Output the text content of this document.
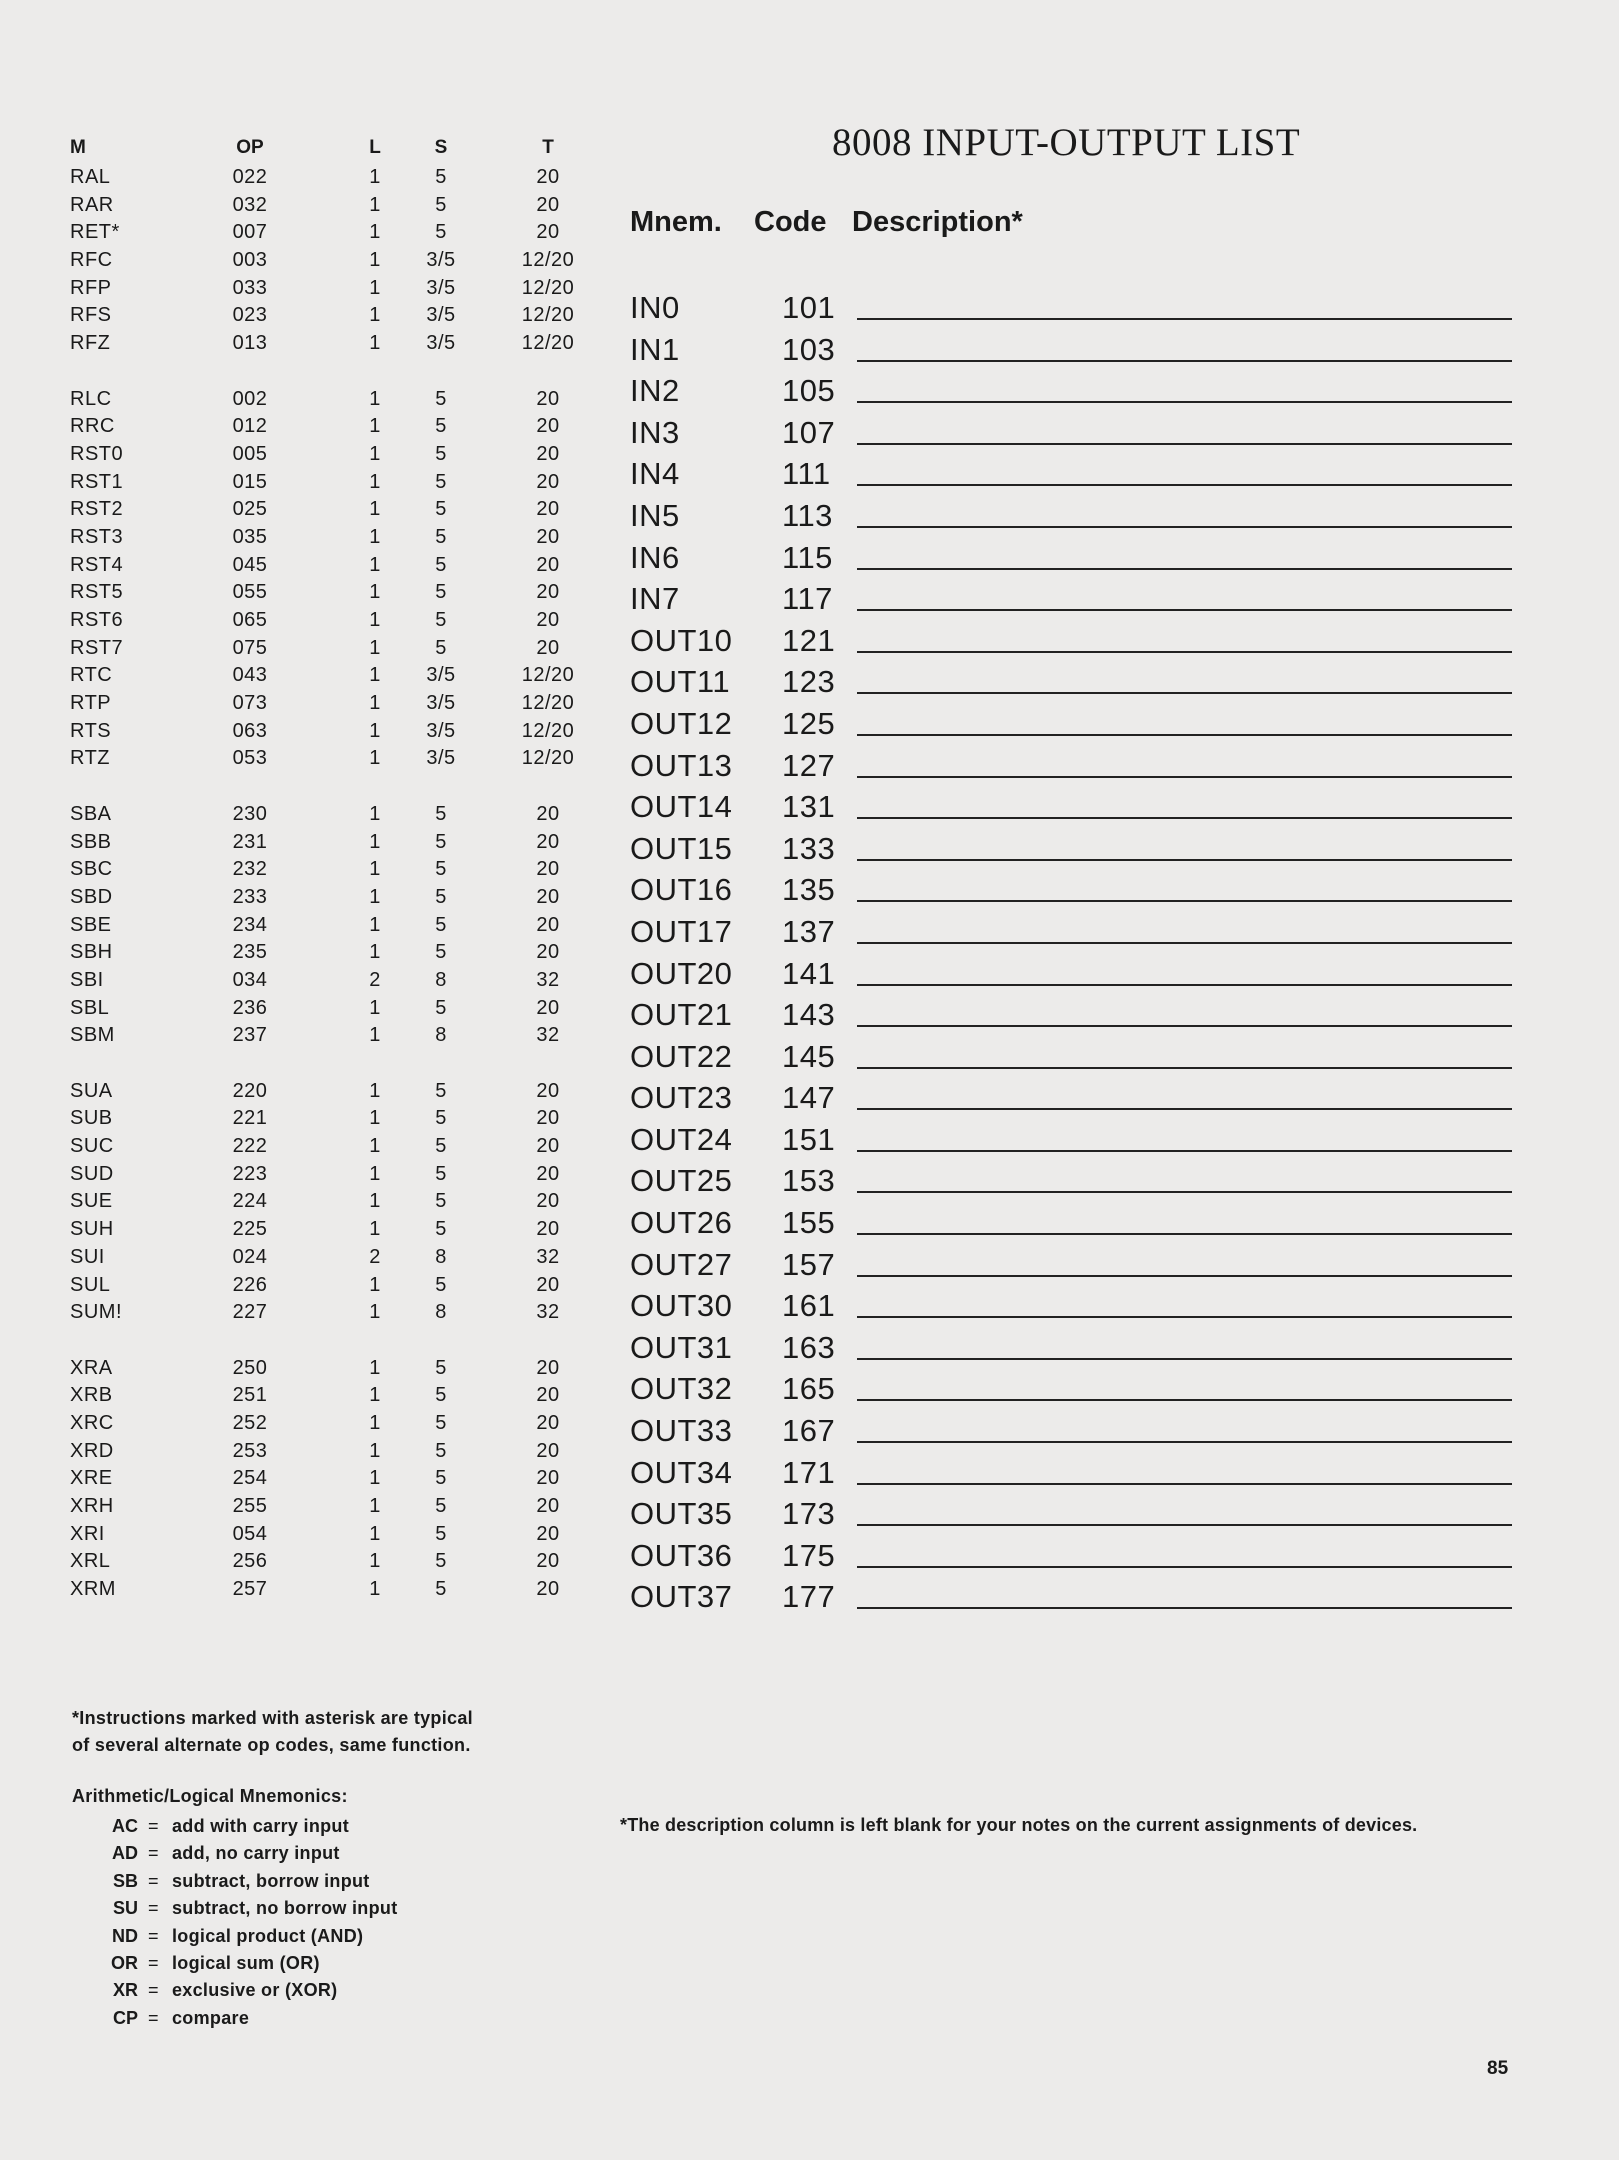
M	OP	L	S	T
RAL	022	1	5	20
RAR	032	1	5	20
RET*	007	1	5	20
RFC	003	1	3/5	12/20
RFP	033	1	3/5	12/20
RFS	023	1	3/5	12/20
RFZ	013	1	3/5	12/20
RLC	002	1	5	20
RRC	012	1	5	20
RST0	005	1	5	20
RST1	015	1	5	20
RST2	025	1	5	20
RST3	035	1	5	20
RST4	045	1	5	20
RST5	055	1	5	20
RST6	065	1	5	20
RST7	075	1	5	20
RTC	043	1	3/5	12/20
RTP	073	1	3/5	12/20
RTS	063	1	3/5	12/20
RTZ	053	1	3/5	12/20
SBA	230	1	5	20
SBB	231	1	5	20
SBC	232	1	5	20
SBD	233	1	5	20
SBE	234	1	5	20
SBH	235	1	5	20
SBI	034	2	8	32
SBL	236	1	5	20
SBM	237	1	8	32
SUA	220	1	5	20
SUB	221	1	5	20
SUC	222	1	5	20
SUD	223	1	5	20
SUE	224	1	5	20
SUH	225	1	5	20
SUI	024	2	8	32
SUL	226	1	5	20
SUM!	227	1	8	32
XRA	250	1	5	20
XRB	251	1	5	20
XRC	252	1	5	20
XRD	253	1	5	20
XRE	254	1	5	20
XRH	255	1	5	20
XRI	054	1	5	20
XRL	256	1	5	20
XRM	257	1	5	20
*Instructions marked with asterisk are typical
of several alternate op codes, same function.
Arithmetic/Logical Mnemonics:
AC = add with carry input
AD = add, no carry input
SB = subtract, borrow input
SU = subtract, no borrow input
ND = logical product (AND)
OR = logical sum (OR)
XR = exclusive or (XOR)
CP = compare
8008 INPUT-OUTPUT LIST
Mnem. Code Description*
IN0	101
IN1	103
IN2	105
IN3	107
IN4	111
IN5	113
IN6	115
IN7	117
OUT10 121
OUT11 123
OUT12 125
OUT13 127
OUT14 131
OUT15 133
OUT16 135
OUT17 137
OUT20 141
OUT21 143
OUT22 145
OUT23 147
OUT24 151
OUT25 153
OUT26 155
OUT27 157
OUT30 161
OUT31 163
OUT32 165
OUT33 167
OUT34 171
OUT35 173
OUT36 175
OUT37 177
*The description column is left blank for your notes on the current assignments of devices.
85
